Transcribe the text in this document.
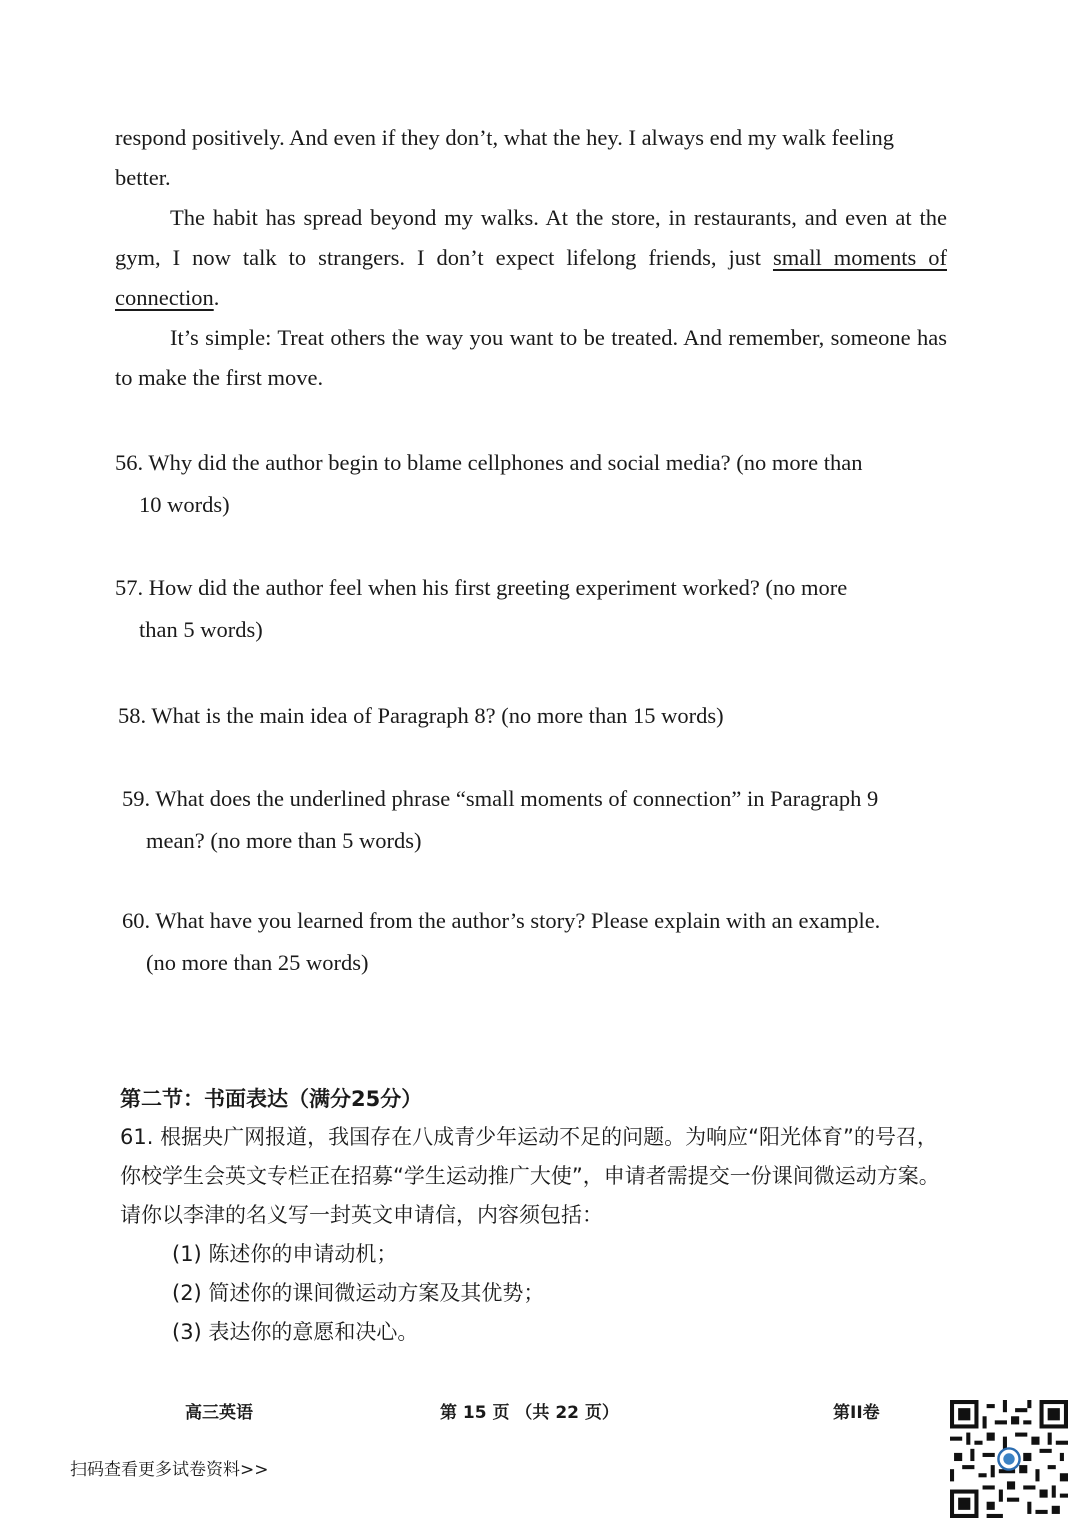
respond positively. And even if they don’t, what the hey. I always end my walk feeling better.

The habit has spread beyond my walks. At the store, in restaurants, and even at the gym, I now talk to strangers. I don’t expect lifelong friends, just small moments of connection.

It’s simple: Treat others the way you want to be treated. And remember, someone has to make the first move.

56. Why did the author begin to blame cellphones and social media? (no more than
10 words)
57. How did the author feel when his first greeting experiment worked? (no more
than 5 words)
58. What is the main idea of Paragraph 8? (no more than 15 words)
59. What does the underlined phrase “small moments of connection” in Paragraph 9
mean? (no more than 5 words)
60. What have you learned from the author’s story? Please explain with an example.
(no more than 25 words)
第二节：书面表达（满分25分）

61. 根据央广网报道，我国存在八成青少年运动不足的问题。为响应“阳光体育”的号召，你校学生会英文专栏正在招募“学生运动推广大使”，申请者需提交一份课间微运动方案。请你以李津的名义写一封英文申请信，内容须包括：

(1) 陈述你的申请动机；
(2) 简述你的课间微运动方案及其优势；
(3) 表达你的意愿和决心。
高三英语	第 15 页 （共 22 页）	第II卷
扫码查看更多试卷资料>>
